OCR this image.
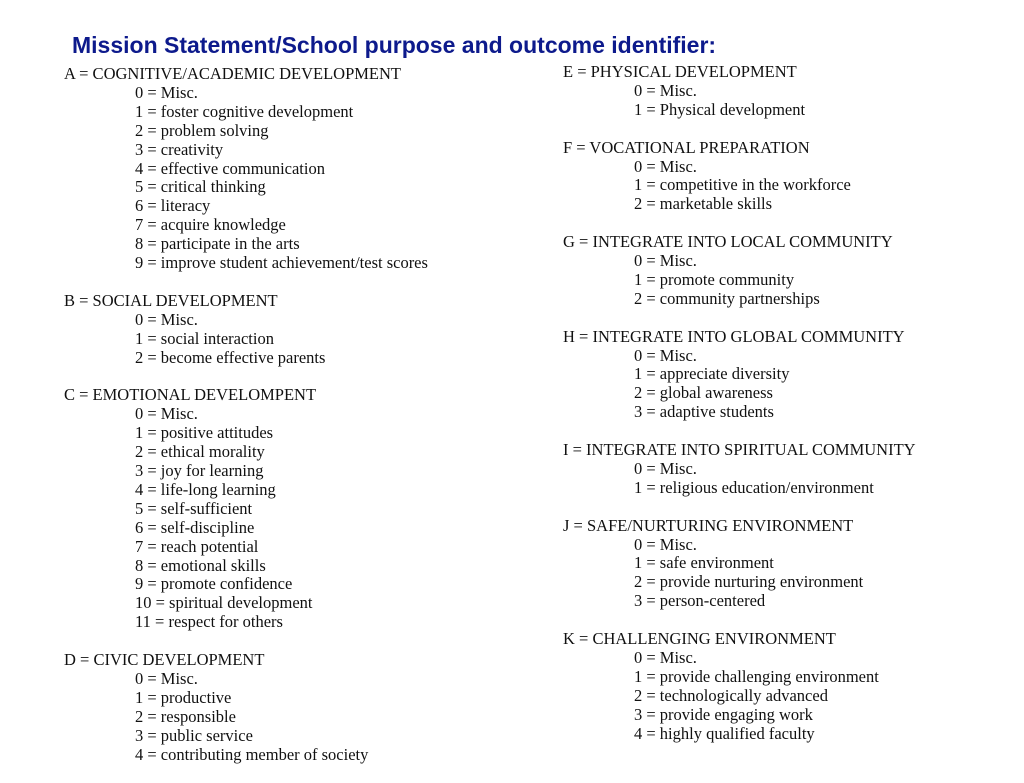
Mission Statement/School purpose and outcome identifier:
A = COGNITIVE/ACADEMIC DEVELOPMENT
0 = Misc.
1 = foster cognitive development
2 = problem solving
3 = creativity
4 = effective communication
5 = critical thinking
6 = literacy
7 = acquire knowledge
8 = participate in the arts
9 = improve student achievement/test scores
B = SOCIAL DEVELOPMENT
0 = Misc.
1 = social interaction
2 = become effective parents
C = EMOTIONAL DEVELOMPENT
0 = Misc.
1 = positive attitudes
2 = ethical morality
3 = joy for learning
4 = life-long learning
5 = self-sufficient
6 = self-discipline
7 = reach potential
8 = emotional skills
9 = promote confidence
10 = spiritual development
11 = respect for others
D = CIVIC DEVELOPMENT
0 = Misc.
1 = productive
2 = responsible
3 = public service
4 = contributing member of society
E = PHYSICAL DEVELOPMENT
0 = Misc.
1 = Physical development
F = VOCATIONAL PREPARATION
0 = Misc.
1 = competitive in the workforce
2 = marketable skills
G = INTEGRATE INTO LOCAL COMMUNITY
0 = Misc.
1 = promote community
2 = community partnerships
H = INTEGRATE INTO GLOBAL COMMUNITY
0 = Misc.
1 = appreciate diversity
2 = global awareness
3 = adaptive students
I = INTEGRATE INTO SPIRITUAL COMMUNITY
0 = Misc.
1 = religious education/environment
J = SAFE/NURTURING ENVIRONMENT
0 = Misc.
1 = safe environment
2 = provide nurturing environment
3 = person-centered
K = CHALLENGING ENVIRONMENT
0 = Misc.
1 = provide challenging environment
2 = technologically advanced
3 = provide engaging work
4 = highly qualified faculty
